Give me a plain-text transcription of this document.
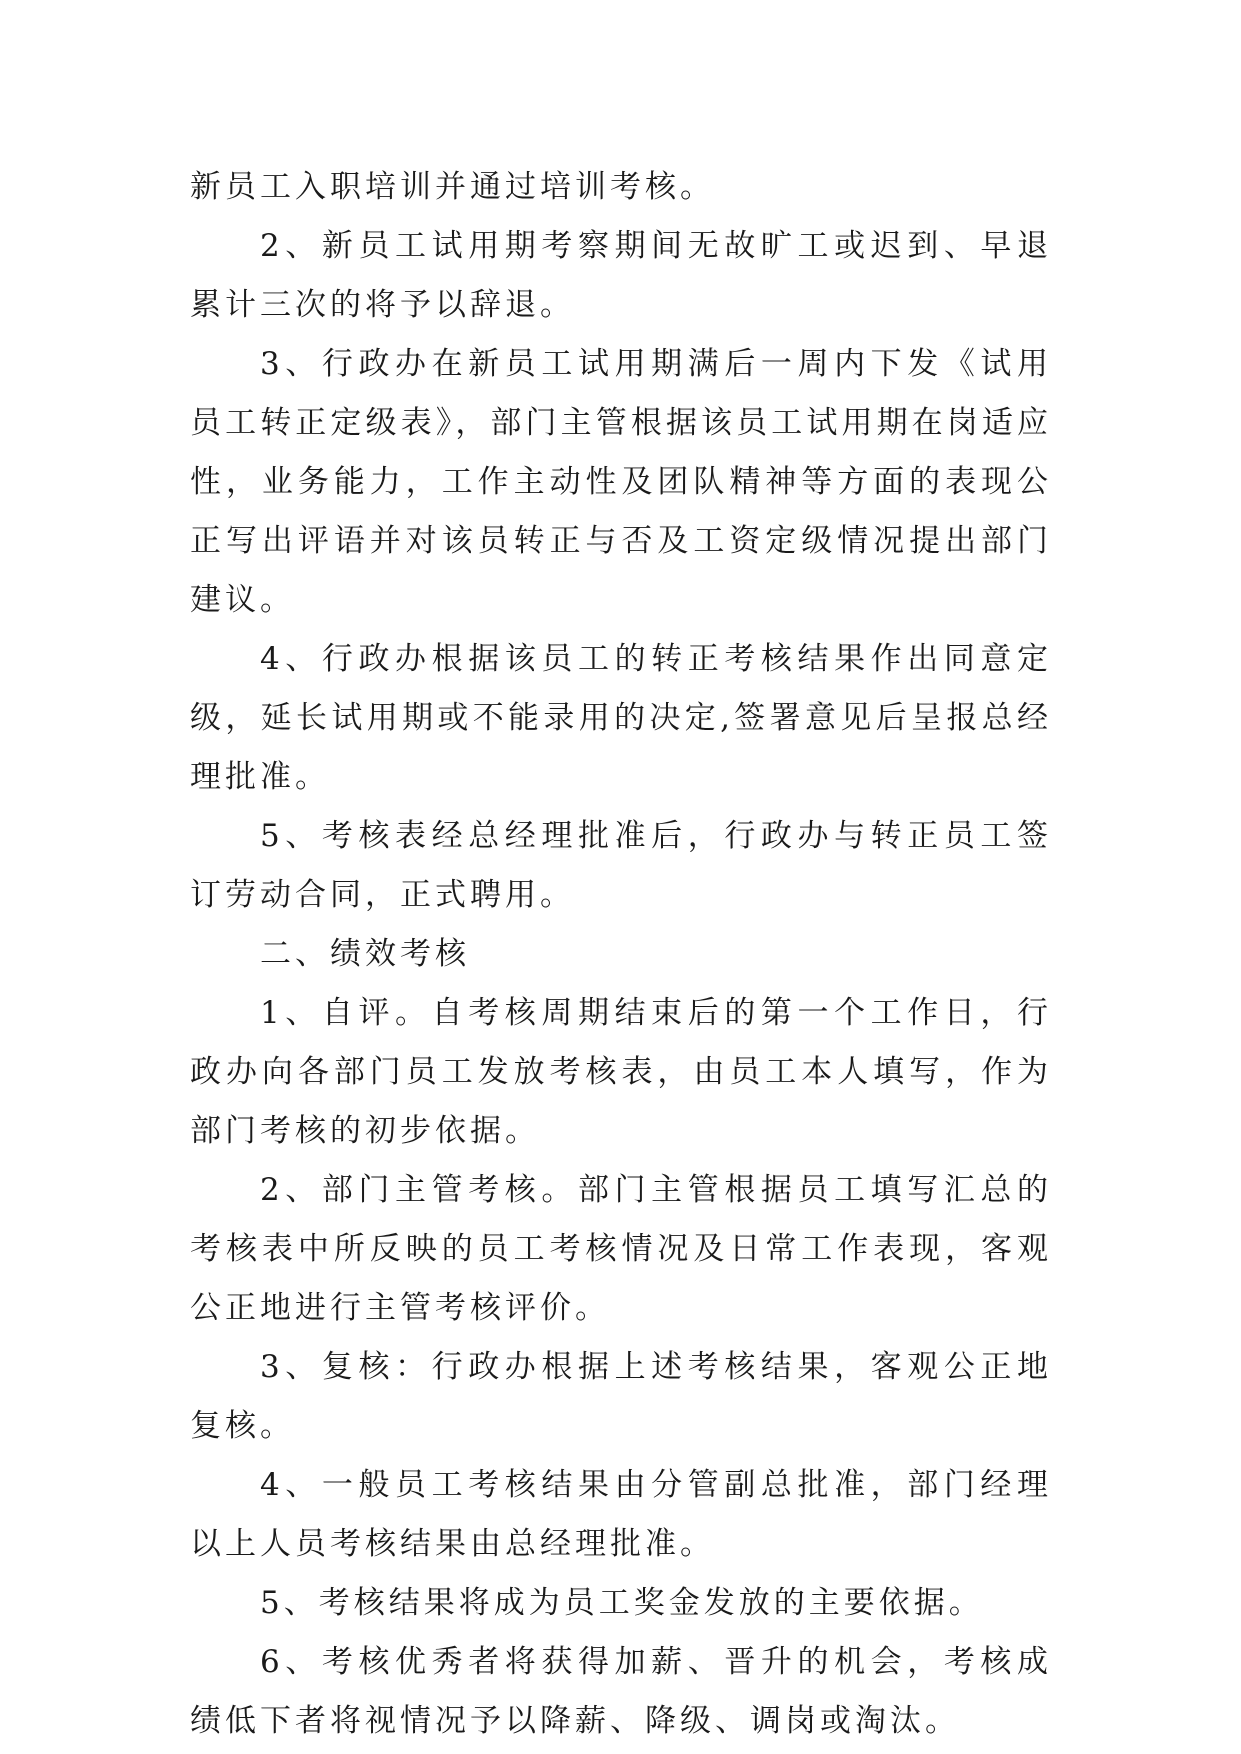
新员工入职培训并通过培训考核。

2、新员工试用期考察期间无故旷工或迟到、早退累计三次的将予以辞退。

3、行政办在新员工试用期满后一周内下发《试用员工转正定级表》，部门主管根据该员工试用期在岗适应性，业务能力，工作主动性及团队精神等方面的表现公正写出评语并对该员转正与否及工资定级情况提出部门建议。

4、行政办根据该员工的转正考核结果作出同意定级，延长试用期或不能录用的决定,签署意见后呈报总经理批准。

5、考核表经总经理批准后，行政办与转正员工签订劳动合同，正式聘用。

二、绩效考核

1、自评。自考核周期结束后的第一个工作日，行政办向各部门员工发放考核表，由员工本人填写，作为部门考核的初步依据。

2、部门主管考核。部门主管根据员工填写汇总的考核表中所反映的员工考核情况及日常工作表现，客观公正地进行主管考核评价。

3、复核：行政办根据上述考核结果，客观公正地复核。

4、一般员工考核结果由分管副总批准，部门经理以上人员考核结果由总经理批准。

5、考核结果将成为员工奖金发放的主要依据。

6、考核优秀者将获得加薪、晋升的机会，考核成绩低下者将视情况予以降薪、降级、调岗或淘汰。
